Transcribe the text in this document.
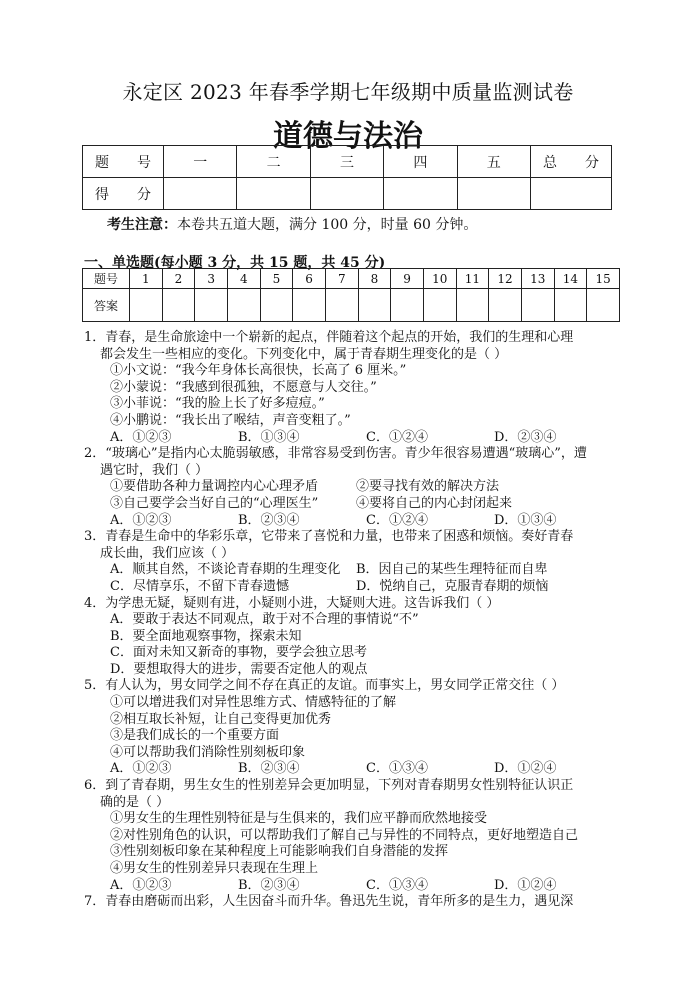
永定区 2023 年春季学期七年级期中质量监测试卷
道德与法治
题　　号	一	二	三	四	五	总　　分
得　　分						
考生注意：本卷共五道大题，满分 100 分，时量 60 分钟。
一、单选题(每小题 3 分，共 15 题，共 45 分)
题号	1	2	3	4	5	6	7	8	9	10	11	12	13	14	15
答案															
1．青春，是生命旅途中一个崭新的起点，伴随着这个起点的开始，我们的生理和心理
都会发生一些相应的变化。下列变化中，属于青春期生理变化的是（ ）
①小文说：“我今年身体长高很快，长高了 6 厘米。”
②小蒙说：“我感到很孤独，不愿意与人交往。”
③小菲说：“我的脸上长了好多痘痘。”
④小鹏说：“我长出了喉结，声音变粗了。”
A．①②③	B．①③④	C．①②④	D．②③④
2．“玻璃心”是指内心太脆弱敏感，非常容易受到伤害。青少年很容易遭遇“玻璃心”，遭
遇它时，我们（ ）
①要借助各种力量调控内心心理矛盾	②要寻找有效的解决方法
③自己要学会当好自己的“心理医生”	④要将自己的内心封闭起来
A．①②③	B．②③④	C．①②④	D．①③④
3．青春是生命中的华彩乐章，它带来了喜悦和力量，也带来了困惑和烦恼。奏好青春
成长曲，我们应该（ ）
A．顺其自然，不谈论青春期的生理变化	B．因自己的某些生理特征而自卑
C．尽情享乐，不留下青春遗憾	D．悦纳自己，克服青春期的烦恼
4．为学患无疑，疑则有进，小疑则小进，大疑则大进。这告诉我们（ ）
A．要敢于表达不同观点，敢于对不合理的事情说“不”
B．要全面地观察事物，探索未知
C．面对未知又新奇的事物，要学会独立思考
D．要想取得大的进步，需要否定他人的观点
5．有人认为，男女同学之间不存在真正的友谊。而事实上，男女同学正常交往（ ）
①可以增进我们对异性思维方式、情感特征的了解
②相互取长补短，让自己变得更加优秀
③是我们成长的一个重要方面
④可以帮助我们消除性别刻板印象
A．①②③	B．②③④	C．①③④	D．①②④
6．到了青春期，男生女生的性别差异会更加明显，下列对青春期男女性别特征认识正
确的是（ ）
①男女生的生理性别特征是与生俱来的，我们应平静而欣然地接受
②对性别角色的认识，可以帮助我们了解自己与异性的不同特点，更好地塑造自己
③性别刻板印象在某种程度上可能影响我们自身潜能的发挥
④男女生的性别差异只表现在生理上
A．①②③	B．②③④	C．①③④	D．①②④
7．青春由磨砺而出彩，人生因奋斗而升华。鲁迅先生说，青年所多的是生力，遇见深
